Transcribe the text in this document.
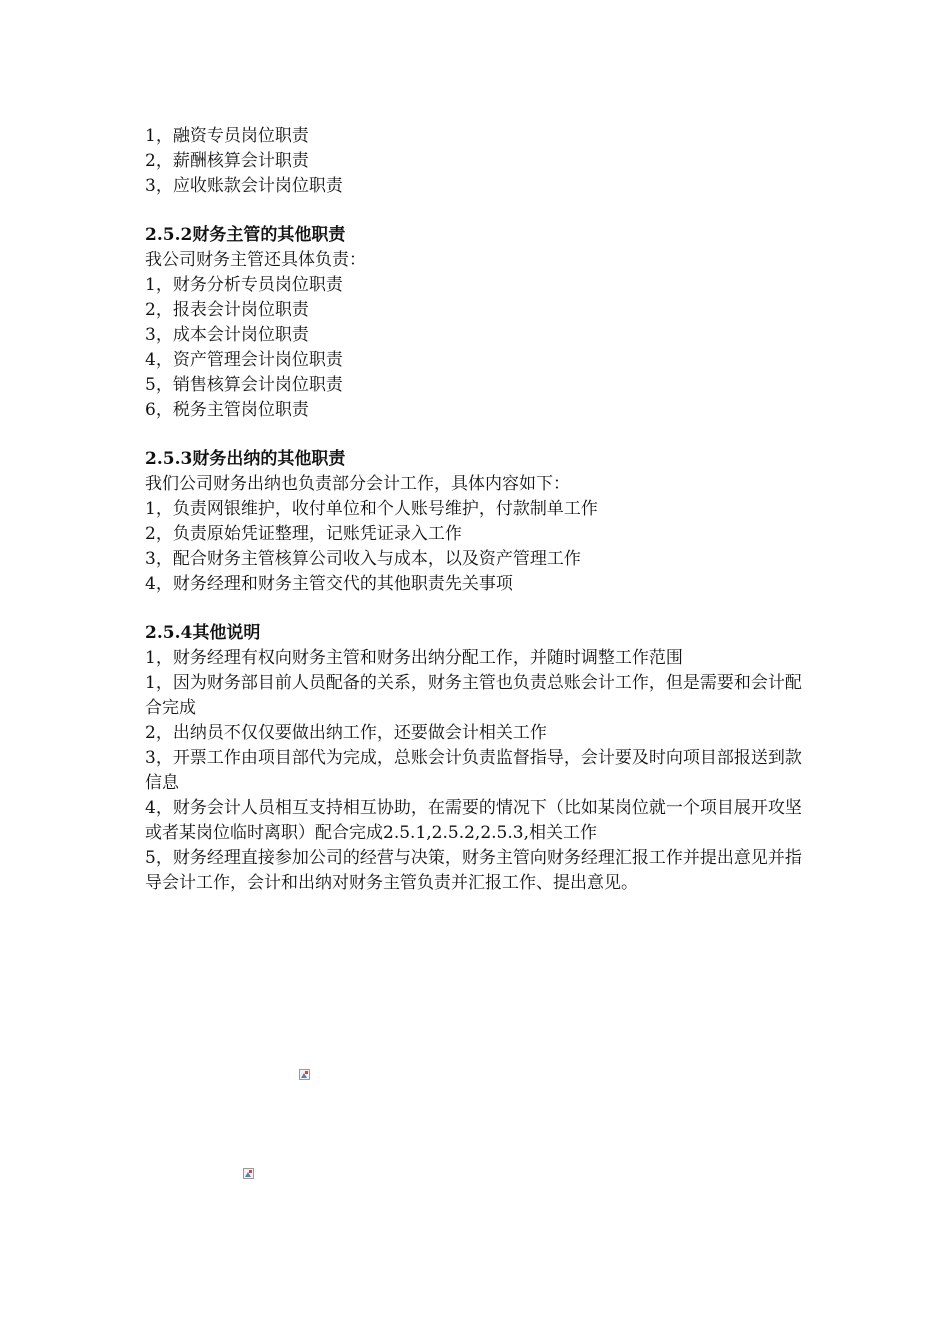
1，融资专员岗位职责
2，薪酬核算会计职责
3，应收账款会计岗位职责
2.5.2财务主管的其他职责
我公司财务主管还具体负责：
1，财务分析专员岗位职责
2，报表会计岗位职责
3，成本会计岗位职责
4，资产管理会计岗位职责
5，销售核算会计岗位职责
6，税务主管岗位职责
2.5.3财务出纳的其他职责
我们公司财务出纳也负责部分会计工作，具体内容如下：
1，负责网银维护，收付单位和个人账号维护，付款制单工作
2，负责原始凭证整理，记账凭证录入工作
3，配合财务主管核算公司收入与成本，以及资产管理工作
4，财务经理和财务主管交代的其他职责先关事项
2.5.4其他说明
1，财务经理有权向财务主管和财务出纳分配工作，并随时调整工作范围
1，因为财务部目前人员配备的关系，财务主管也负责总账会计工作，但是需要和会计配合完成
2，出纳员不仅仅要做出纳工作，还要做会计相关工作
3，开票工作由项目部代为完成，总账会计负责监督指导，会计要及时向项目部报送到款信息
4，财务会计人员相互支持相互协助，在需要的情况下（比如某岗位就一个项目展开攻坚或者某岗位临时离职）配合完成2.5.1,2.5.2,2.5.3,相关工作
5，财务经理直接参加公司的经营与决策，财务主管向财务经理汇报工作并提出意见并指导会计工作，会计和出纳对财务主管负责并汇报工作、提出意见。
